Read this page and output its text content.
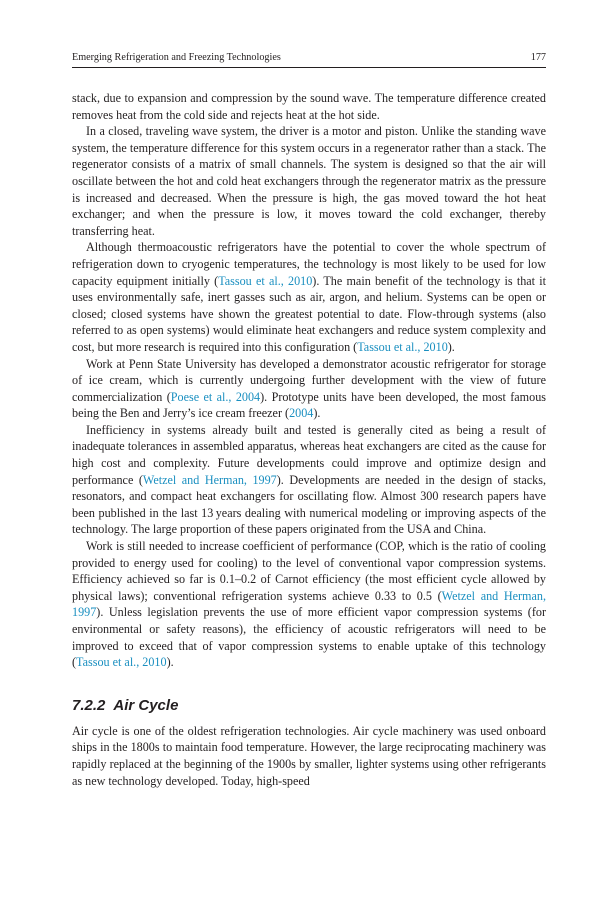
Emerging Refrigeration and Freezing Technologies	177

stack, due to expansion and compression by the sound wave. The temperature difference created removes heat from the cold side and rejects heat at the hot side.

In a closed, traveling wave system, the driver is a motor and piston. Unlike the standing wave system, the temperature difference for this system occurs in a regenerator rather than a stack. The regenerator consists of a matrix of small channels. The system is designed so that the air will oscillate between the hot and cold heat exchangers through the regenerator matrix as the pressure is increased and decreased. When the pressure is high, the gas moved toward the hot heat exchanger; and when the pressure is low, it moves toward the cold exchanger, thereby transferring heat.

Although thermoacoustic refrigerators have the potential to cover the whole spectrum of refrigeration down to cryogenic temperatures, the technology is most likely to be used for low capacity equipment initially (Tassou et al., 2010). The main benefit of the technology is that it uses environmentally safe, inert gasses such as air, argon, and helium. Systems can be open or closed; closed systems have shown the greatest potential to date. Flow-through systems (also referred to as open systems) would eliminate heat exchangers and reduce system complexity and cost, but more research is required into this configuration (Tassou et al., 2010).

Work at Penn State University has developed a demonstrator acoustic refrigerator for storage of ice cream, which is currently undergoing further development with the view of future commercialization (Poese et al., 2004). Prototype units have been developed, the most famous being the Ben and Jerry’s ice cream freezer (2004).

Inefficiency in systems already built and tested is generally cited as being a result of inadequate tolerances in assembled apparatus, whereas heat exchangers are cited as the cause for high cost and complexity. Future developments could improve and optimize design and performance (Wetzel and Herman, 1997). Developments are needed in the design of stacks, resonators, and compact heat exchangers for oscillating flow. Almost 300 research papers have been published in the last 13 years dealing with numerical modeling or improving aspects of the technology. The large proportion of these papers originated from the USA and China.

Work is still needed to increase coefficient of performance (COP, which is the ratio of cooling provided to energy used for cooling) to the level of conventional vapor compression systems. Efficiency achieved so far is 0.1–0.2 of Carnot efficiency (the most efficient cycle allowed by physical laws); conventional refrigeration systems achieve 0.33 to 0.5 (Wetzel and Herman, 1997). Unless legislation prevents the use of more efficient vapor compression systems (for environmental or safety reasons), the efficiency of acoustic refrigerators will need to be improved to exceed that of vapor compression systems to enable uptake of this technology (Tassou et al., 2010).

7.2.2 Air Cycle

Air cycle is one of the oldest refrigeration technologies. Air cycle machinery was used onboard ships in the 1800s to maintain food temperature. However, the large reciprocating machinery was rapidly replaced at the beginning of the 1900s by smaller, lighter systems using other refrigerants as new technology developed. Today, high-speed
